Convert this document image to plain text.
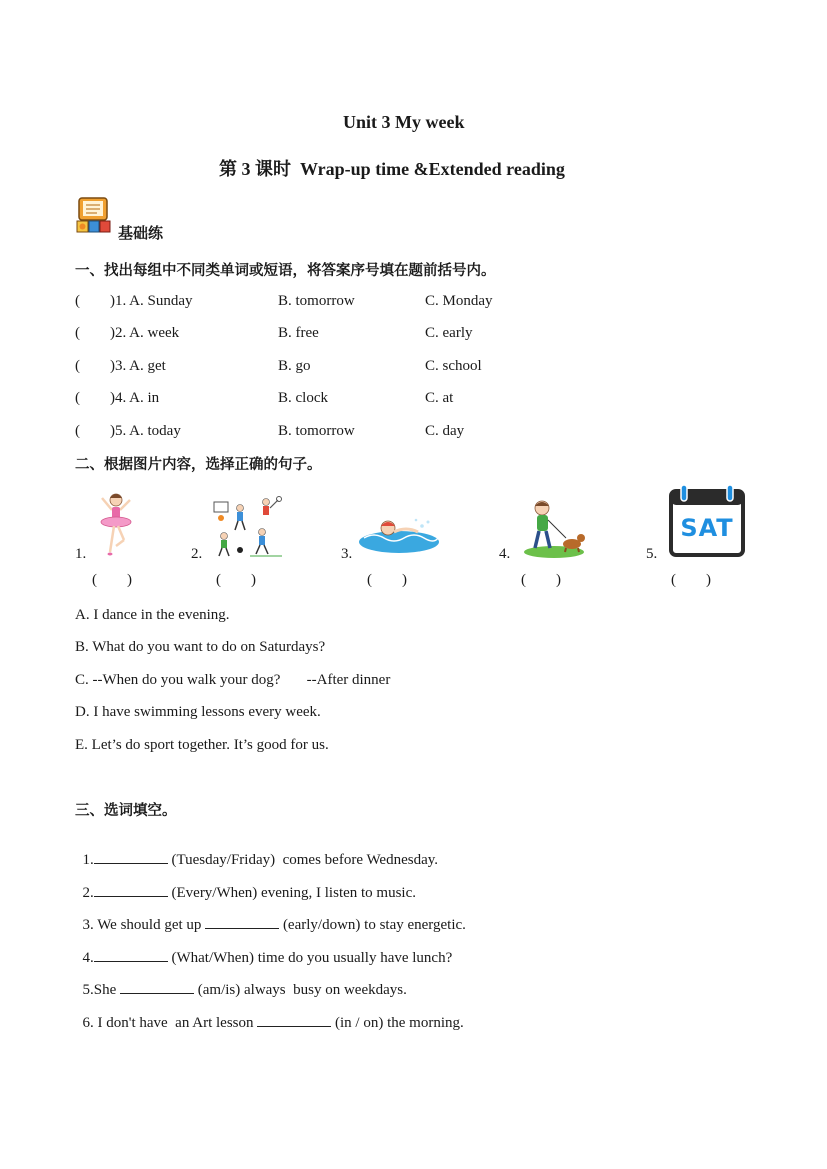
Unit 3 My week
第 3 课时  Wrap-up time &Extended reading
基础练
一、找出每组中不同类单词或短语，将答案序号填在题前括号内。
(        )1. A. Sunday	B. tomorrow	C. Monday
(        )2. A. week	B. free	C. early
(        )3. A. get	B. go	C. school
(        )4. A. in	B. clock	C. at
(        )5. A. today	B. tomorrow	C. day
二、根据图片内容，选择正确的句子。
1.
(        )
2.
(        )
3.
(        )
4.
(        )
5.
SAT
(        )
A. I dance in the evening.
B. What do you want to do on Saturdays?
C. --When do you walk your dog?       --After dinner
D. I have swimming lessons every week.
E. Let’s do sport together. It’s good for us.
三、选词填空。

1.	(Tuesday/Friday)  comes before Wednesday.

2.	(Every/When) evening, I listen to music.

3. We should get up	(early/down) to stay energetic.

4.	(What/When) time do you usually have lunch?

5.She	(am/is) always  busy on weekdays.

6. I don't have  an Art lesson	(in / on) the morning.
